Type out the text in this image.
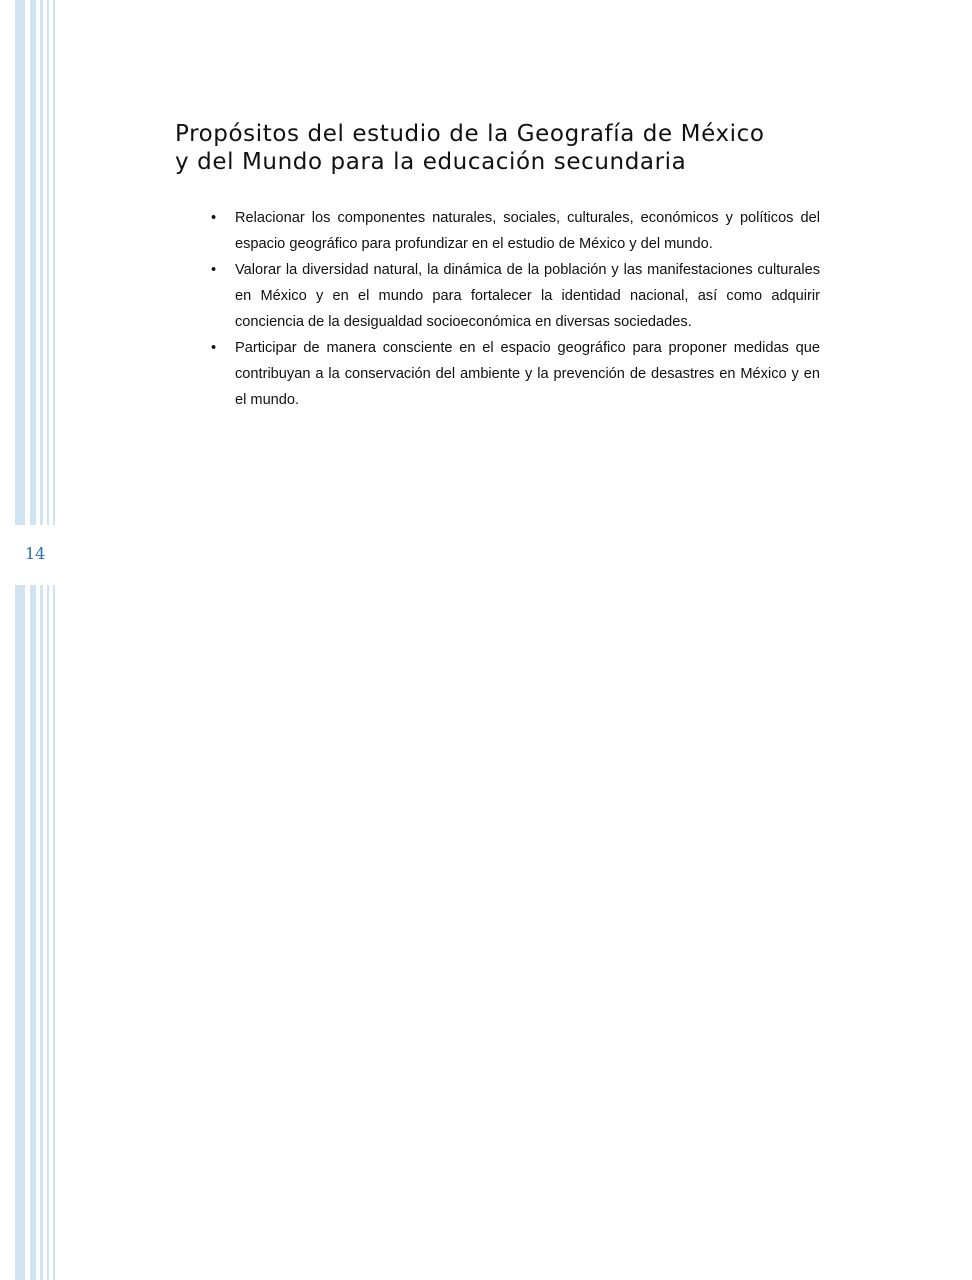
14
Propósitos del estudio de la Geografía de México
y del Mundo para la educación secundaria
• Relacionar los componentes naturales, sociales, culturales, económicos y políticos del espacio geográfico para profundizar en el estudio de México y del mundo.
• Valorar la diversidad natural, la dinámica de la población y las manifestaciones culturales en México y en el mundo para fortalecer la identidad nacional, así como adquirir conciencia de la desigualdad socioeconómica en diversas sociedades.
• Participar de manera consciente en el espacio geográfico para proponer medidas que contribuyan a la conservación del ambiente y la prevención de desastres en México y en el mundo.
